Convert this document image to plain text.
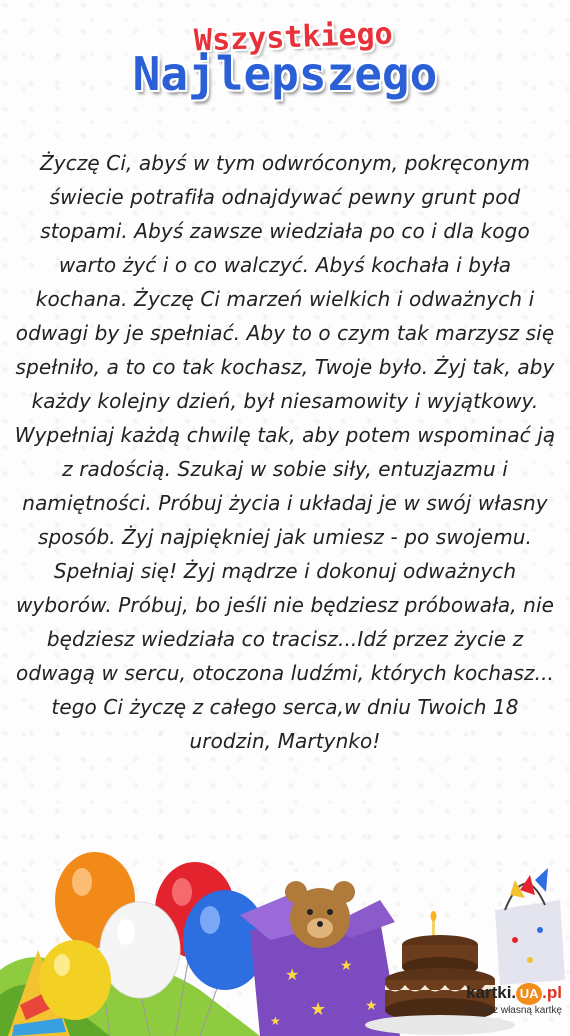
Wszystkiego
Najlepszego

Życzę Ci, abyś w tym odwróconym, pokręconym świecie potrafiła odnajdywać pewny grunt pod stopami. Abyś zawsze wiedziała po co i dla kogo warto żyć i o co walczyć. Abyś kochała i była kochana. Życzę Ci marzeń wielkich i odważnych i odwagi by je spełniać. Aby to o czym tak marzysz się spełniło, a to co tak kochasz, Twoje było. Żyj tak, aby każdy kolejny dzień, był niesamowity i wyjątkowy.

Wypełniaj każdą chwilę tak, aby potem wspominać ją z radością. Szukaj w sobie siły, entuzjazmu i namiętności. Próbuj życia i układaj je w swój własny sposób. Żyj najpiękniej jak umiesz - po swojemu. Spełniaj się! Żyj mądrze i dokonuj odważnych wyborów. Próbuj, bo jeśli nie będziesz próbowała, nie będziesz wiedziała co tracisz...Idź przez życie z odwagą w sercu, otoczona ludźmi, których kochasz... tego Ci życzę z całego serca,w dniu Twoich 18 urodzin, Martynko!

★	★
★	★
★
kartki. UA .pl
Stwórz własną kartkę
